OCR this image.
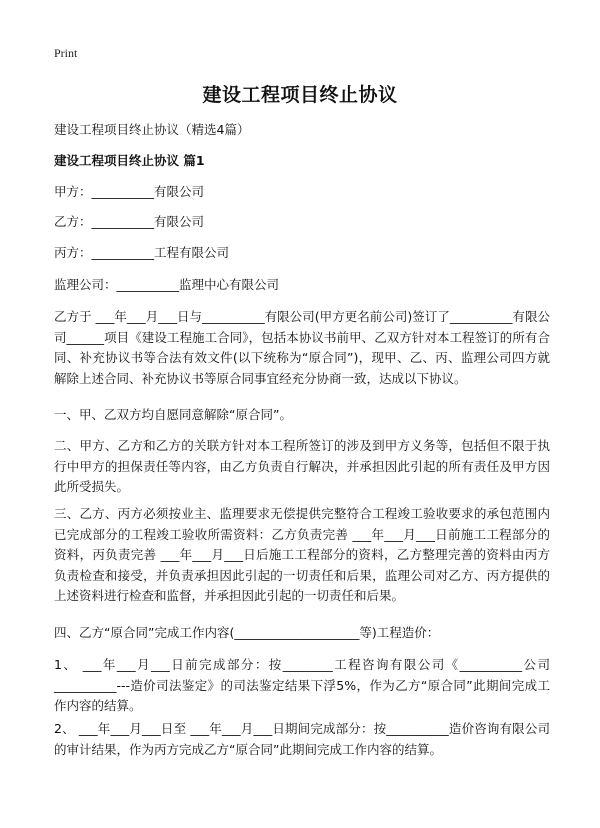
Print
建设工程项目终止协议
建设工程项目终止协议（精选4篇）
建设工程项目终止协议 篇1
甲方：__________有限公司
乙方：__________有限公司
丙方：__________工程有限公司
监理公司：__________监理中心有限公司
乙方于 ___年___月___日与__________有限公司(甲方更名前公司)签订了__________有限公司______项目《建设工程施工合同》，包括本协议书前甲、乙双方针对本工程签订的所有合同、补充协议书等合法有效文件(以下统称为“原合同”)，现甲、乙、丙、监理公司四方就解除上述合同、补充协议书等原合同事宜经充分协商一致，达成以下协议。
一、甲、乙双方均自愿同意解除“原合同”。
二、甲方、乙方和乙方的关联方针对本工程所签订的涉及到甲方义务等，包括但不限于执行中甲方的担保责任等内容，由乙方负责自行解决，并承担因此引起的所有责任及甲方因此所受损失。
三、乙方、丙方必须按业主、监理要求无偿提供完整符合工程竣工验收要求的承包范围内已完成部分的工程竣工验收所需资料：乙方负责完善 ___年___月___日前施工工程部分的资料，丙负责完善 ___年___月___日后施工工程部分的资料，乙方整理完善的资料由丙方负责检查和接受，并负责承担因此引起的一切责任和后果，监理公司对乙方、丙方提供的上述资料进行检查和监督，并承担因此引起的一切责任和后果。
四、乙方“原合同”完成工作内容(____________________等)工程造价：
1、 ___年___月___日前完成部分：按________工程咨询有限公司《__________公司__________---造价司法鉴定》的司法鉴定结果下浮5%，作为乙方“原合同”此期间完成工作内容的结算。
2、 ___年___月___日至 ___年___月___日期间完成部分：按__________造价咨询有限公司的审计结果，作为丙方完成乙方“原合同”此期间完成工作内容的结算。
